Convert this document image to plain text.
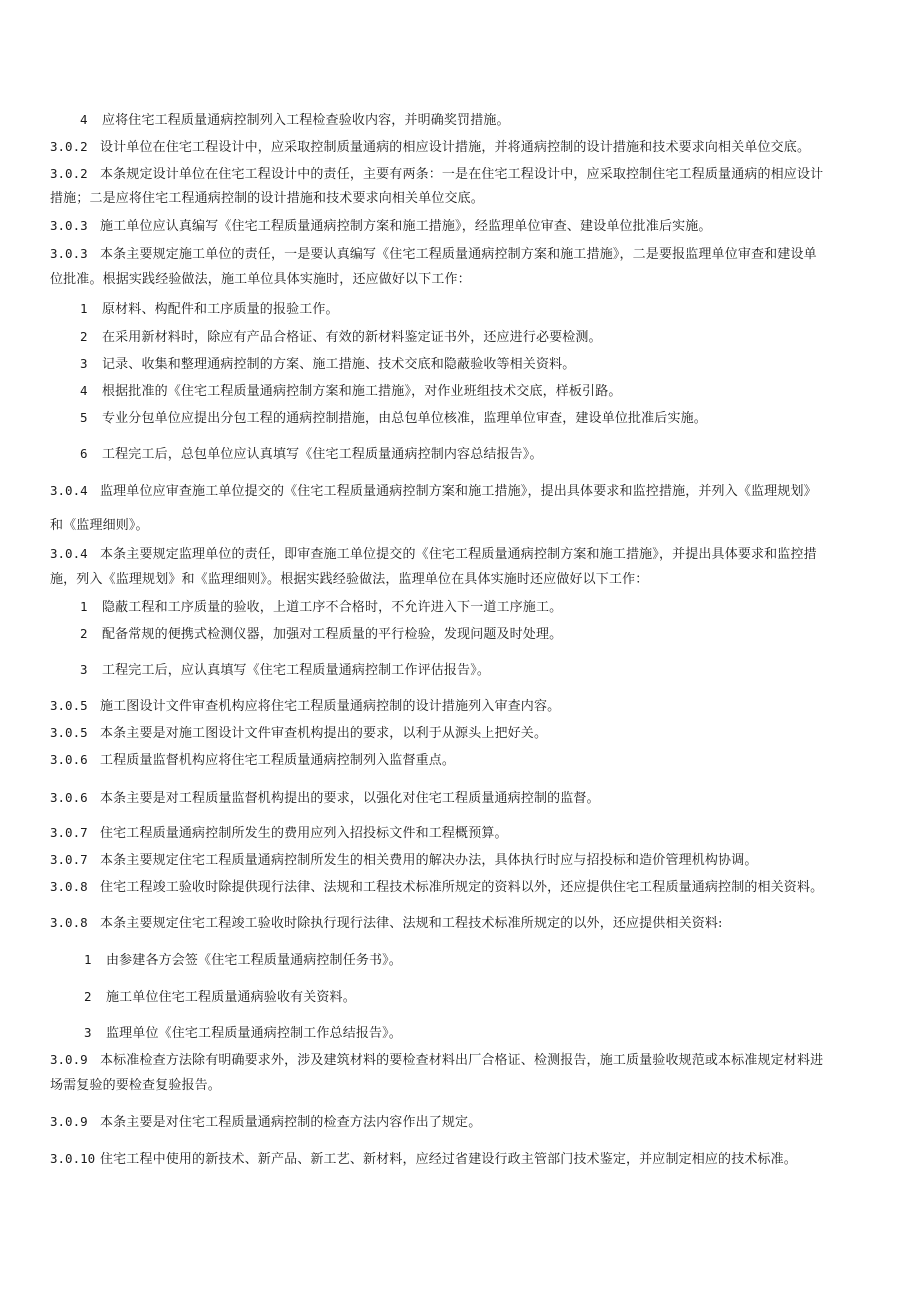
4 应将住宅工程质量通病控制列入工程检查验收内容，并明确奖罚措施。
3.0.2 设计单位在住宅工程设计中，应采取控制质量通病的相应设计措施，并将通病控制的设计措施和技术要求向相关单位交底。
3.0.2 本条规定设计单位在住宅工程设计中的责任，主要有两条：一是在住宅工程设计中，应采取控制住宅工程质量通病的相应设计
措施；二是应将住宅工程通病控制的设计措施和技术要求向相关单位交底。
3.0.3 施工单位应认真编写《住宅工程质量通病控制方案和施工措施》，经监理单位审查、建设单位批准后实施。
3.0.3 本条主要规定施工单位的责任，一是要认真编写《住宅工程质量通病控制方案和施工措施》，二是要报监理单位审查和建设单
位批准。根据实践经验做法，施工单位具体实施时，还应做好以下工作：
1 原材料、构配件和工序质量的报验工作。
2 在采用新材料时，除应有产品合格证、有效的新材料鉴定证书外，还应进行必要检测。
3 记录、收集和整理通病控制的方案、施工措施、技术交底和隐蔽验收等相关资料。
4 根据批准的《住宅工程质量通病控制方案和施工措施》，对作业班组技术交底，样板引路。
5 专业分包单位应提出分包工程的通病控制措施，由总包单位核准，监理单位审查，建设单位批准后实施。
6 工程完工后，总包单位应认真填写《住宅工程质量通病控制内容总结报告》。
3.0.4 监理单位应审查施工单位提交的《住宅工程质量通病控制方案和施工措施》，提出具体要求和监控措施，并列入《监理规划》
和《监理细则》。
3.0.4 本条主要规定监理单位的责任，即审查施工单位提交的《住宅工程质量通病控制方案和施工措施》，并提出具体要求和监控措
施，列入《监理规划》和《监理细则》。根据实践经验做法，监理单位在具体实施时还应做好以下工作：
1 隐蔽工程和工序质量的验收，上道工序不合格时，不允许进入下一道工序施工。
2 配备常规的便携式检测仪器，加强对工程质量的平行检验，发现问题及时处理。
3 工程完工后，应认真填写《住宅工程质量通病控制工作评估报告》。
3.0.5 施工图设计文件审查机构应将住宅工程质量通病控制的设计措施列入审查内容。
3.0.5 本条主要是对施工图设计文件审查机构提出的要求，以利于从源头上把好关。
3.0.6 工程质量监督机构应将住宅工程质量通病控制列入监督重点。
3.0.6 本条主要是对工程质量监督机构提出的要求，以强化对住宅工程质量通病控制的监督。
3.0.7 住宅工程质量通病控制所发生的费用应列入招投标文件和工程概预算。
3.0.7 本条主要规定住宅工程质量通病控制所发生的相关费用的解决办法，具体执行时应与招投标和造价管理机构协调。
3.0.8 住宅工程竣工验收时除提供现行法律、法规和工程技术标准所规定的资料以外，还应提供住宅工程质量通病控制的相关资料。
3.0.8 本条主要规定住宅工程竣工验收时除执行现行法律、法规和工程技术标准所规定的以外，还应提供相关资料:
1 由参建各方会签《住宅工程质量通病控制任务书》。
2 施工单位住宅工程质量通病验收有关资料。
3 监理单位《住宅工程质量通病控制工作总结报告》。
3.0.9 本标准检查方法除有明确要求外，涉及建筑材料的要检查材料出厂合格证、检测报告，施工质量验收规范或本标准规定材料进
场需复验的要检查复验报告。
3.0.9 本条主要是对住宅工程质量通病控制的检查方法内容作出了规定。
3.0.10 住宅工程中使用的新技术、新产品、新工艺、新材料，应经过省建设行政主管部门技术鉴定，并应制定相应的技术标准。
